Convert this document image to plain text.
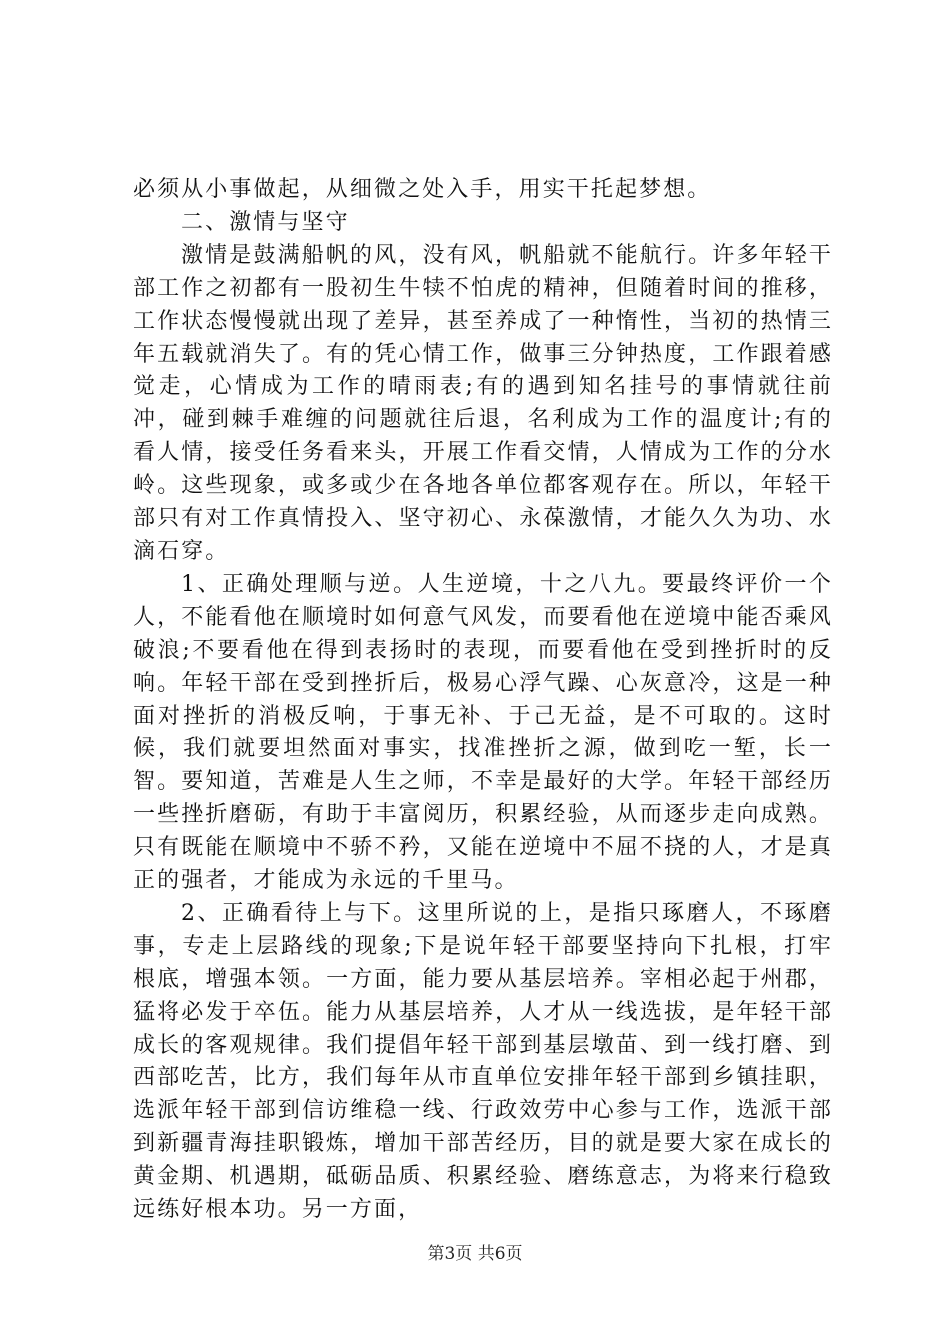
必须从小事做起，从细微之处入手，用实干托起梦想。

二、激情与坚守

激情是鼓满船帆的风，没有风，帆船就不能航行。许多年轻干部工作之初都有一股初生牛犊不怕虎的精神，但随着时间的推移，工作状态慢慢就出现了差异，甚至养成了一种惰性，当初的热情三年五载就消失了。有的凭心情工作，做事三分钟热度，工作跟着感觉走，心情成为工作的晴雨表;有的遇到知名挂号的事情就往前冲，碰到棘手难缠的问题就往后退，名利成为工作的温度计;有的看人情，接受任务看来头，开展工作看交情，人情成为工作的分水岭。这些现象，或多或少在各地各单位都客观存在。所以，年轻干部只有对工作真情投入、坚守初心、永葆激情，才能久久为功、水滴石穿。

1、正确处理顺与逆。人生逆境，十之八九。要最终评价一个人，不能看他在顺境时如何意气风发，而要看他在逆境中能否乘风破浪;不要看他在得到表扬时的表现，而要看他在受到挫折时的反响。年轻干部在受到挫折后，极易心浮气躁、心灰意冷，这是一种面对挫折的消极反响，于事无补、于己无益，是不可取的。这时候，我们就要坦然面对事实，找准挫折之源，做到吃一堑，长一智。要知道，苦难是人生之师，不幸是最好的大学。年轻干部经历一些挫折磨砺，有助于丰富阅历，积累经验，从而逐步走向成熟。只有既能在顺境中不骄不矜，又能在逆境中不屈不挠的人，才是真正的强者，才能成为永远的千里马。

2、正确看待上与下。这里所说的上，是指只琢磨人，不琢磨事，专走上层路线的现象;下是说年轻干部要坚持向下扎根，打牢根底，增强本领。一方面，能力要从基层培养。宰相必起于州郡，猛将必发于卒伍。能力从基层培养，人才从一线选拔，是年轻干部成长的客观规律。我们提倡年轻干部到基层墩苗、到一线打磨、到西部吃苦，比方，我们每年从市直单位安排年轻干部到乡镇挂职，选派年轻干部到信访维稳一线、行政效劳中心参与工作，选派干部到新疆青海挂职锻炼，增加干部苦经历，目的就是要大家在成长的黄金期、机遇期，砥砺品质、积累经验、磨练意志，为将来行稳致远练好根本功。另一方面，

第3页 共6页
